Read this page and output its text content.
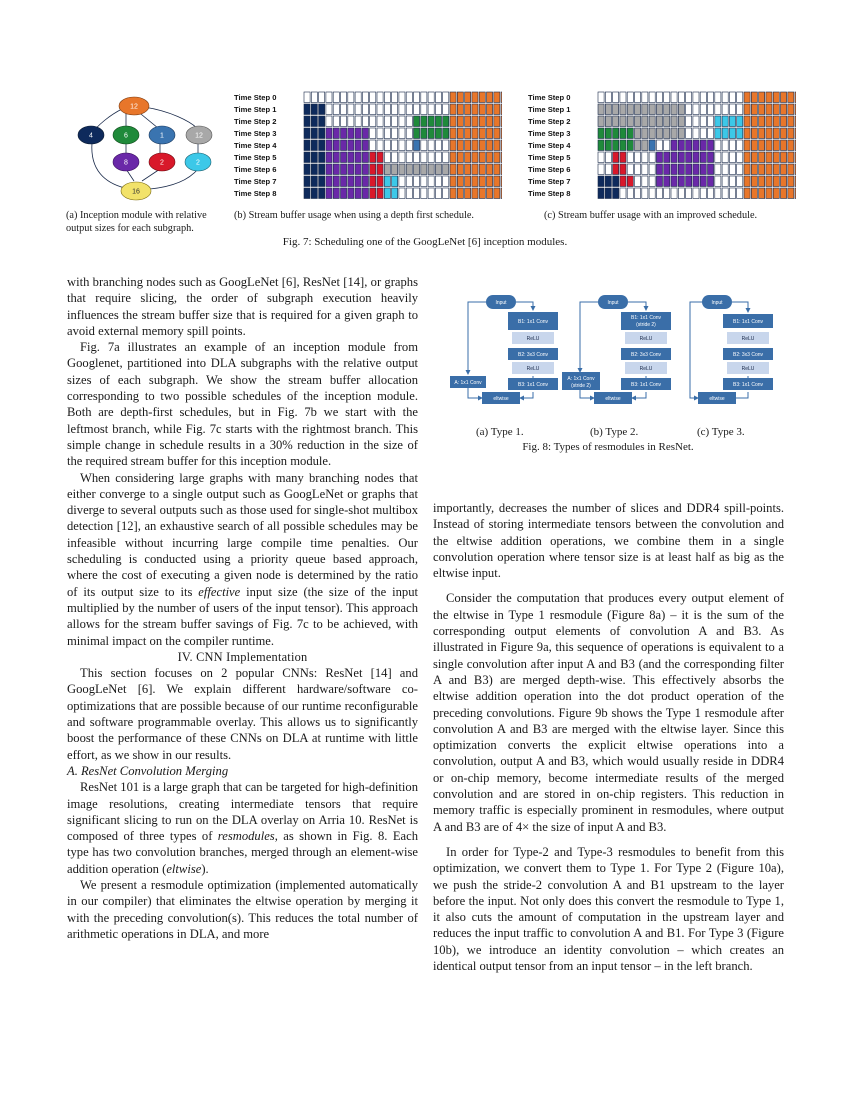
12
4	6	1	12
8	2	2
16
Time Step 0
Time Step 1
Time Step 2
Time Step 3
Time Step 4
Time Step 5
Time Step 6
Time Step 7
Time Step 8
Time Step 0
Time Step 1
Time Step 2
Time Step 3
Time Step 4
Time Step 5
Time Step 6
Time Step 7
Time Step 8
(a) Inception module with relative output sizes for each subgraph.
(b) Stream buffer usage when using a depth first schedule.	(c) Stream buffer usage with an improved schedule.
Fig. 7: Scheduling one of the GoogLeNet [6] inception modules.
Input
B1: 1x1 Conv
ReLU
B2: 3x3 Conv
ReLU
B3: 1x1 Conv
A: 1x1 Conv
eltwise
Input
B1: 1x1 Conv
(stride 2)
ReLU
B2: 3x3 Conv
ReLU
B3: 1x1 Conv
A: 1x1 Conv
(stride 2)
eltwise
Input
B1: 1x1 Conv
ReLU
B2: 3x3 Conv
ReLU
B3: 1x1 Conv
eltwise
(a) Type 1.	(b) Type 2.	(c) Type 3.
Fig. 8: Types of resmodules in ResNet.

with branching nodes such as GoogLeNet [6], ResNet [14], or graphs that require slicing, the order of subgraph execution heavily influences the stream buffer size that is required for a given graph to avoid external memory spill points.

Fig. 7a illustrates an example of an inception module from Googlenet, partitioned into DLA subgraphs with the relative output sizes of each subgraph. We show the stream buffer allocation corresponding to two possible schedules of the inception module. Both are depth-first schedules, but in Fig. 7b we start with the leftmost branch, while Fig. 7c starts with the rightmost branch. This simple change in schedule results in a 30% reduction in the size of the required stream buffer for this inception module.

When considering large graphs with many branching nodes that either converge to a single output such as GoogLeNet or graphs that diverge to several outputs such as those used for single-shot multibox detection [12], an exhaustive search of all possible schedules may be infeasible without incurring large compile time penalties. Our scheduling is conducted using a priority queue based approach, where the cost of executing a given node is determined by the ratio of its output size to its effective input size (the size of the input multiplied by the number of users of the input tensor). This approach allows for the stream buffer savings of Fig. 7c to be achieved, with minimal impact on the compiler runtime.

IV. CNN Implementation

This section focuses on 2 popular CNNs: ResNet [14] and GoogLeNet [6]. We explain different hardware/software co-optimizations that are possible because of our runtime reconfigurable and software programmable overlay. This allows us to significantly boost the performance of these CNNs on DLA at runtime with little effort, as we show in our results.

A. ResNet Convolution Merging

ResNet 101 is a large graph that can be targeted for high-definition image resolutions, creating intermediate tensors that require significant slicing to run on the DLA overlay on Arria 10. ResNet is composed of three types of resmodules, as shown in Fig. 8. Each type has two convolution branches, merged through an element-wise addition operation (eltwise).

We present a resmodule optimization (implemented automatically in our compiler) that eliminates the eltwise operation by merging it with the preceding convolution(s). This reduces the total number of arithmetic operations in DLA, and more

importantly, decreases the number of slices and DDR4 spill-points. Instead of storing intermediate tensors between the convolution and the eltwise addition operations, we combine them in a single convolution operation where tensor size is at least half as big as the eltwise input.

Consider the computation that produces every output element of the eltwise in Type 1 resmodule (Figure 8a) – it is the sum of the corresponding output elements of convolution A and B3. As illustrated in Figure 9a, this sequence of operations is equivalent to a single convolution after input A and B3 (and the corresponding filter A and B3) are merged depth-wise. This effectively absorbs the eltwise addition operation into the dot product operation of the preceding convolutions. Figure 9b shows the Type 1 resmodule after convolution A and B3 are merged with the eltwise layer. Since this optimization converts the explicit eltwise operations into a convolution, output A and B3, which would usually reside in DDR4 or on-chip memory, become intermediate results of the merged convolution and are stored in on-chip registers. This reduction in memory traffic is especially prominent in resmodules, where output A and B3 are of 4× the size of input A and B3.

In order for Type-2 and Type-3 resmodules to benefit from this optimization, we convert them to Type 1. For Type 2 (Figure 10a), we push the stride-2 convolution A and B1 upstream to the layer before the input. Not only does this convert the resmodule to Type 1, it also cuts the amount of computation in the upstream layer and reduces the input traffic to convolution A and B1. For Type 3 (Figure 10b), we introduce an identity convolution – which creates an identical output tensor from an input tensor – in the left branch.
